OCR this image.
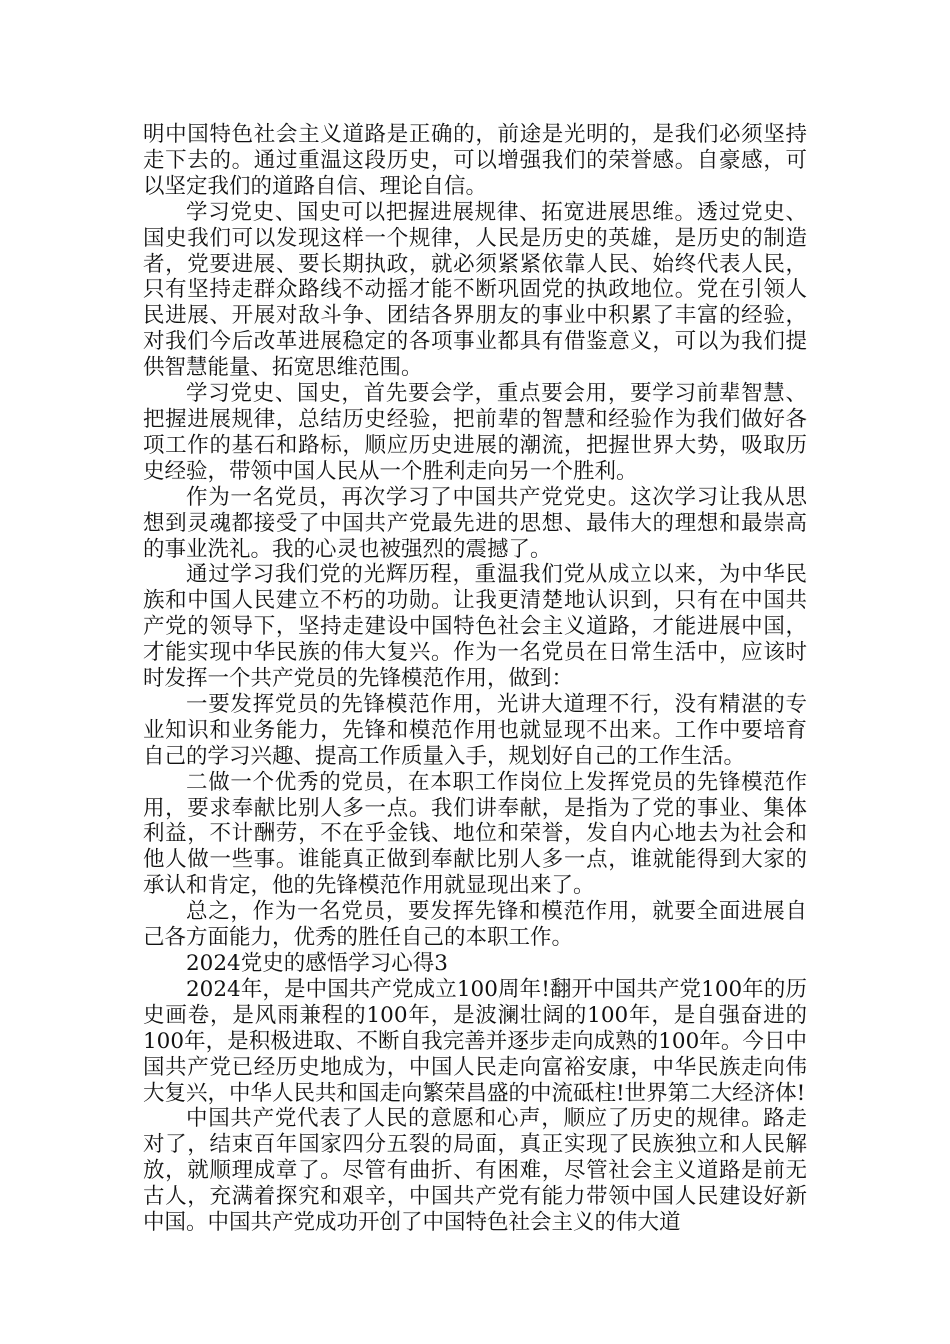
明中国特色社会主义道路是正确的，前途是光明的，是我们必须坚持走下去的。通过重温这段历史，可以增强我们的荣誉感。自豪感，可以坚定我们的道路自信、理论自信。

学习党史、国史可以把握进展规律、拓宽进展思维。透过党史、国史我们可以发现这样一个规律，人民是历史的英雄，是历史的制造者，党要进展、要长期执政，就必须紧紧依靠人民、始终代表人民，只有坚持走群众路线不动摇才能不断巩固党的执政地位。党在引领人民进展、开展对敌斗争、团结各界朋友的事业中积累了丰富的经验，对我们今后改革进展稳定的各项事业都具有借鉴意义，可以为我们提供智慧能量、拓宽思维范围。

学习党史、国史，首先要会学，重点要会用，要学习前辈智慧、把握进展规律，总结历史经验，把前辈的智慧和经验作为我们做好各项工作的基石和路标，顺应历史进展的潮流，把握世界大势，吸取历史经验，带领中国人民从一个胜利走向另一个胜利。

作为一名党员，再次学习了中国共产党党史。这次学习让我从思想到灵魂都接受了中国共产党最先进的思想、最伟大的理想和最崇高的事业洗礼。我的心灵也被强烈的震撼了。

通过学习我们党的光辉历程，重温我们党从成立以来，为中华民族和中国人民建立不朽的功勋。让我更清楚地认识到，只有在中国共产党的领导下，坚持走建设中国特色社会主义道路，才能进展中国，才能实现中华民族的伟大复兴。作为一名党员在日常生活中，应该时时发挥一个共产党员的先锋模范作用，做到：

一要发挥党员的先锋模范作用，光讲大道理不行，没有精湛的专业知识和业务能力，先锋和模范作用也就显现不出来。工作中要培育自己的学习兴趣、提高工作质量入手，规划好自己的工作生活。

二做一个优秀的党员，在本职工作岗位上发挥党员的先锋模范作用，要求奉献比别人多一点。我们讲奉献，是指为了党的事业、集体利益，不计酬劳，不在乎金钱、地位和荣誉，发自内心地去为社会和他人做一些事。谁能真正做到奉献比别人多一点，谁就能得到大家的承认和肯定，他的先锋模范作用就显现出来了。

总之，作为一名党员，要发挥先锋和模范作用，就要全面进展自己各方面能力，优秀的胜任自己的本职工作。

2024党史的感悟学习心得3

2024年，是中国共产党成立100周年!翻开中国共产党100年的历史画卷，是风雨兼程的100年，是波澜壮阔的100年，是自强奋进的100年，是积极进取、不断自我完善并逐步走向成熟的100年。今日中国共产党已经历史地成为，中国人民走向富裕安康，中华民族走向伟大复兴，中华人民共和国走向繁荣昌盛的中流砥柱!世界第二大经济体!

中国共产党代表了人民的意愿和心声，顺应了历史的规律。路走对了，结束百年国家四分五裂的局面，真正实现了民族独立和人民解放，就顺理成章了。尽管有曲折、有困难，尽管社会主义道路是前无古人，充满着探究和艰辛，中国共产党有能力带领中国人民建设好新中国。中国共产党成功开创了中国特色社会主义的伟大道
